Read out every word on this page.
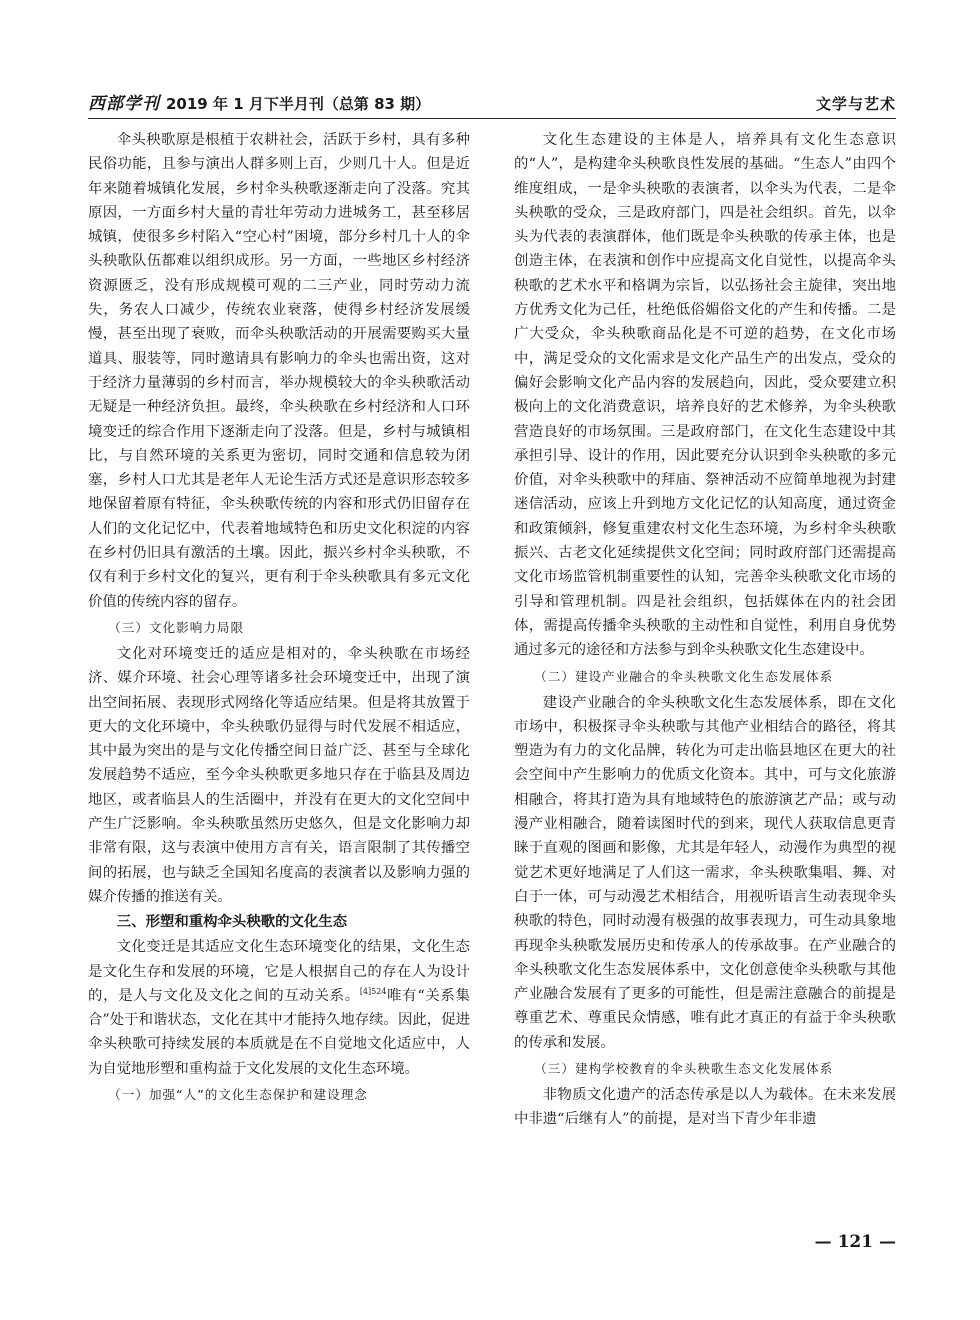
西部学刊 2019 年 1 月下半月刊（总第 83 期）	文学与艺术

伞头秧歌原是根植于农耕社会，活跃于乡村，具有多种民俗功能，且参与演出人群多则上百，少则几十人。但是近年来随着城镇化发展，乡村伞头秧歌逐渐走向了没落。究其原因，一方面乡村大量的青壮年劳动力进城务工，甚至移居城镇，使很多乡村陷入“空心村”困境，部分乡村几十人的伞头秧歌队伍都难以组织成形。另一方面，一些地区乡村经济资源匮乏，没有形成规模可观的二三产业，同时劳动力流失，务农人口减少，传统农业衰落，使得乡村经济发展缓慢，甚至出现了衰败，而伞头秧歌活动的开展需要购买大量道具、服装等，同时邀请具有影响力的伞头也需出资，这对于经济力量薄弱的乡村而言，举办规模较大的伞头秧歌活动无疑是一种经济负担。最终，伞头秧歌在乡村经济和人口环境变迁的综合作用下逐渐走向了没落。但是，乡村与城镇相比，与自然环境的关系更为密切，同时交通和信息较为闭塞，乡村人口尤其是老年人无论生活方式还是意识形态较多地保留着原有特征，伞头秧歌传统的内容和形式仍旧留存在人们的文化记忆中，代表着地域特色和历史文化积淀的内容在乡村仍旧具有激活的土壤。因此，振兴乡村伞头秧歌，不仅有利于乡村文化的复兴，更有利于伞头秧歌具有多元文化价值的传统内容的留存。

（三）文化影响力局限

文化对环境变迁的适应是相对的，伞头秧歌在市场经济、媒介环境、社会心理等诸多社会环境变迁中，出现了演出空间拓展、表现形式网络化等适应结果。但是将其放置于更大的文化环境中，伞头秧歌仍显得与时代发展不相适应，其中最为突出的是与文化传播空间日益广泛、甚至与全球化发展趋势不适应，至今伞头秧歌更多地只存在于临县及周边地区，或者临县人的生活圈中，并没有在更大的文化空间中产生广泛影响。伞头秧歌虽然历史悠久，但是文化影响力却非常有限，这与表演中使用方言有关，语言限制了其传播空间的拓展，也与缺乏全国知名度高的表演者以及影响力强的媒介传播的推送有关。

三、形塑和重构伞头秧歌的文化生态

文化变迁是其适应文化生态环境变化的结果，文化生态是文化生存和发展的环境，它是人根据自己的存在人为设计的，是人与文化及文化之间的互动关系。$^{[4]524}$唯有“关系集合”处于和谐状态，文化在其中才能持久地存续。因此，促进伞头秧歌可持续发展的本质就是在不自觉地文化适应中，人为自觉地形塑和重构益于文化发展的文化生态环境。

（一）加强“人”的文化生态保护和建设理念

文化生态建设的主体是人，培养具有文化生态意识的“人”，是构建伞头秧歌良性发展的基础。“生态人”由四个维度组成，一是伞头秧歌的表演者，以伞头为代表，二是伞头秧歌的受众，三是政府部门，四是社会组织。首先，以伞头为代表的表演群体，他们既是伞头秧歌的传承主体，也是创造主体，在表演和创作中应提高文化自觉性，以提高伞头秧歌的艺术水平和格调为宗旨，以弘扬社会主旋律，突出地方优秀文化为己任，杜绝低俗媚俗文化的产生和传播。二是广大受众，伞头秧歌商品化是不可逆的趋势，在文化市场中，满足受众的文化需求是文化产品生产的出发点，受众的偏好会影响文化产品内容的发展趋向，因此，受众要建立积极向上的文化消费意识，培养良好的艺术修养，为伞头秧歌营造良好的市场氛围。三是政府部门，在文化生态建设中其承担引导、设计的作用，因此要充分认识到伞头秧歌的多元价值，对伞头秧歌中的拜庙、祭神活动不应简单地视为封建迷信活动，应该上升到地方文化记忆的认知高度，通过资金和政策倾斜，修复重建农村文化生态环境，为乡村伞头秧歌振兴、古老文化延续提供文化空间；同时政府部门还需提高文化市场监管机制重要性的认知，完善伞头秧歌文化市场的引导和管理机制。四是社会组织，包括媒体在内的社会团体，需提高传播伞头秧歌的主动性和自觉性，利用自身优势通过多元的途径和方法参与到伞头秧歌文化生态建设中。

（二）建设产业融合的伞头秧歌文化生态发展体系

建设产业融合的伞头秧歌文化生态发展体系，即在文化市场中，积极探寻伞头秧歌与其他产业相结合的路径，将其塑造为有力的文化品牌，转化为可走出临县地区在更大的社会空间中产生影响力的优质文化资本。其中，可与文化旅游相融合，将其打造为具有地域特色的旅游演艺产品；或与动漫产业相融合，随着读图时代的到来，现代人获取信息更青睐于直观的图画和影像，尤其是年轻人，动漫作为典型的视觉艺术更好地满足了人们这一需求，伞头秧歌集唱、舞、对白于一体，可与动漫艺术相结合，用视听语言生动表现伞头秧歌的特色，同时动漫有极强的故事表现力，可生动具象地再现伞头秧歌发展历史和传承人的传承故事。在产业融合的伞头秧歌文化生态发展体系中，文化创意使伞头秧歌与其他产业融合发展有了更多的可能性，但是需注意融合的前提是尊重艺术、尊重民众情感，唯有此才真正的有益于伞头秧歌的传承和发展。

（三）建构学校教育的伞头秧歌生态文化发展体系

非物质文化遗产的活态传承是以人为载体。在未来发展中非遗“后继有人”的前提，是对当下青少年非遗

— 121 —
